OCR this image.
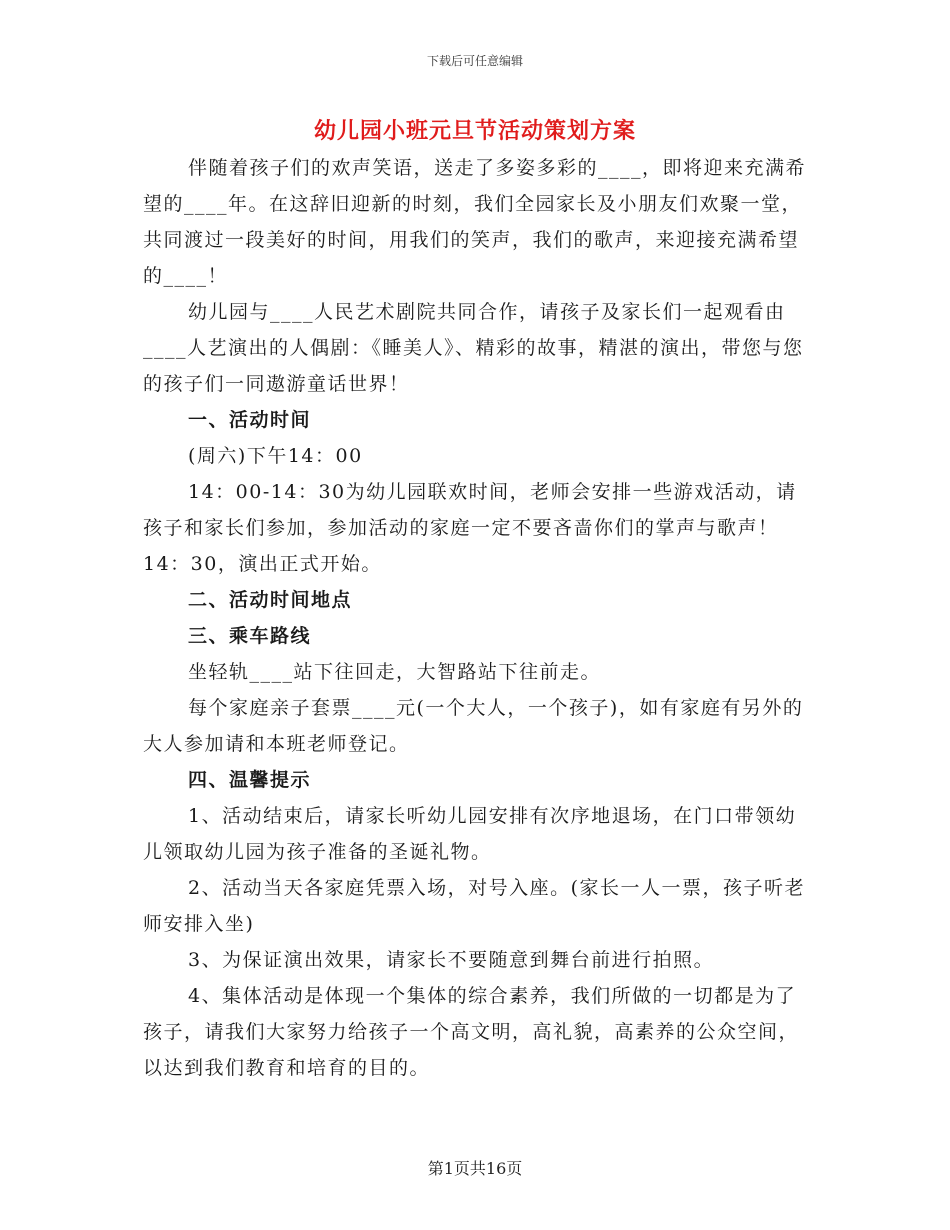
下载后可任意编辑
幼儿园小班元旦节活动策划方案

伴随着孩子们的欢声笑语，送走了多姿多彩的____，即将迎来充满希望的____年。在这辞旧迎新的时刻，我们全园家长及小朋友们欢聚一堂，共同渡过一段美好的时间，用我们的笑声，我们的歌声，来迎接充满希望的____！

幼儿园与____人民艺术剧院共同合作，请孩子及家长们一起观看由____人艺演出的人偶剧：《睡美人》、精彩的故事，精湛的演出，带您与您的孩子们一同遨游童话世界！

一、活动时间

(周六)下午14：00

14：00-14：30为幼儿园联欢时间，老师会安排一些游戏活动，请孩子和家长们参加，参加活动的家庭一定不要吝啬你们的掌声与歌声！

14：30，演出正式开始。

二、活动时间地点

三、乘车路线

坐轻轨____站下往回走，大智路站下往前走。

每个家庭亲子套票____元(一个大人，一个孩子)，如有家庭有另外的大人参加请和本班老师登记。

四、温馨提示

1、活动结束后，请家长听幼儿园安排有次序地退场，在门口带领幼儿领取幼儿园为孩子准备的圣诞礼物。

2、活动当天各家庭凭票入场，对号入座。(家长一人一票，孩子听老师安排入坐)

3、为保证演出效果，请家长不要随意到舞台前进行拍照。

4、集体活动是体现一个集体的综合素养，我们所做的一切都是为了孩子，请我们大家努力给孩子一个高文明，高礼貌，高素养的公众空间，以达到我们教育和培育的目的。

第1页共16页
